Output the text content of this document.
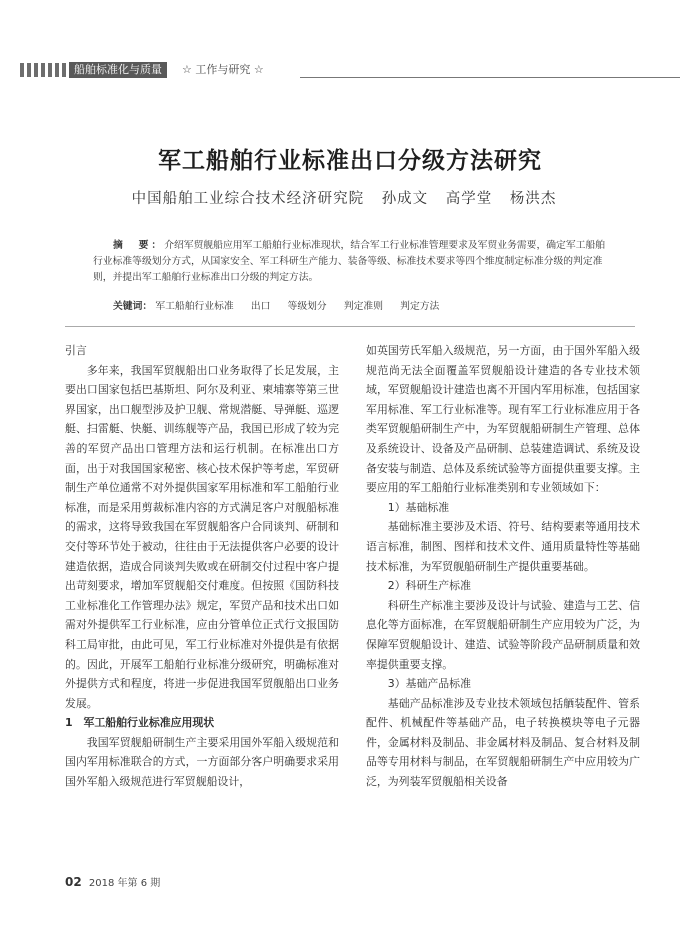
船舶标准化与质量	☆ 工作与研究 ☆
军工船舶行业标准出口分级方法研究
中国船舶工业综合技术经济研究院 孙成文 高学堂 杨洪杰
摘　要：介绍军贸舰船应用军工船舶行业标准现状，结合军工行业标准管理要求及军贸业务需要，确定军工船舶行业标准等级划分方式，从国家安全、军工科研生产能力、装备等级、标准技术要求等四个维度制定标准分级的判定准则，并提出军工船舶行业标准出口分级的判定方法。
关键词： 军工船舶行业标准 出口 等级划分 判定准则 判定方法

引言

多年来，我国军贸舰船出口业务取得了长足发展，主要出口国家包括巴基斯坦、阿尔及利亚、柬埔寨等第三世界国家，出口舰型涉及护卫舰、常规潜艇、导弹艇、巡逻艇、扫雷艇、快艇、训练舰等产品，我国已形成了较为完善的军贸产品出口管理方法和运行机制。在标准出口方面，出于对我国国家秘密、核心技术保护等考虑，军贸研制生产单位通常不对外提供国家军用标准和军工船舶行业标准，而是采用剪裁标准内容的方式满足客户对舰船标准的需求，这将导致我国在军贸舰船客户合同谈判、研制和交付等环节处于被动，往往由于无法提供客户必要的设计建造依据，造成合同谈判失败或在研制交付过程中客户提出苛刻要求，增加军贸舰船交付难度。但按照《国防科技工业标准化工作管理办法》规定，军贸产品和技术出口如需对外提供军工行业标准，应由分管单位正式行文报国防科工局审批，由此可见，军工行业标准对外提供是有依据的。因此，开展军工船舶行业标准分级研究，明确标准对外提供方式和程度，将进一步促进我国军贸舰船出口业务发展。

1　军工船舶行业标准应用现状

我国军贸舰船研制生产主要采用国外军船入级规范和国内军用标准联合的方式，一方面部分客户明确要求采用国外军船入级规范进行军贸舰船设计，

如英国劳氏军船入级规范，另一方面，由于国外军船入级规范尚无法全面覆盖军贸舰船设计建造的各专业技术领域，军贸舰船设计建造也离不开国内军用标准，包括国家军用标准、军工行业标准等。现有军工行业标准应用于各类军贸舰船研制生产中，为军贸舰船研制生产管理、总体及系统设计、设备及产品研制、总装建造调试、系统及设备安装与制造、总体及系统试验等方面提供重要支撑。主要应用的军工船舶行业标准类别和专业领域如下：

1）基础标准

基础标准主要涉及术语、符号、结构要素等通用技术语言标准，制图、图样和技术文件、通用质量特性等基础技术标准，为军贸舰船研制生产提供重要基础。

2）科研生产标准

科研生产标准主要涉及设计与试验、建造与工艺、信息化等方面标准，在军贸舰船研制生产应用较为广泛，为保障军贸舰船设计、建造、试验等阶段产品研制质量和效率提供重要支撑。

3）基础产品标准

基础产品标准涉及专业技术领域包括舾装配件、管系配件、机械配件等基础产品，电子转换模块等电子元器件，金属材料及制品、非金属材料及制品、复合材料及制品等专用材料与制品，在军贸舰船研制生产中应用较为广泛，为列装军贸舰船相关设备

02 2018 年第 6 期
